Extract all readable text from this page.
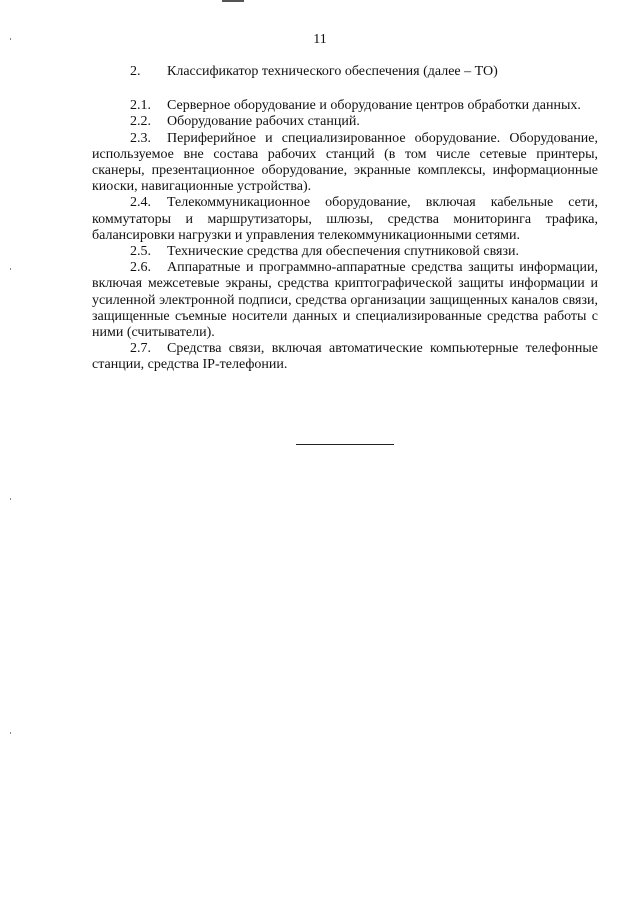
11

2. Классификатор технического обеспечения (далее – ТО)

2.1. Серверное оборудование и оборудование центров обработки данных.

2.2. Оборудование рабочих станций.

2.3. Периферийное и специализированное оборудование. Оборудование, используемое вне состава рабочих станций (в том числе сетевые принтеры, сканеры, презентационное оборудование, экранные комплексы, информационные киоски, навигационные устройства).

2.4. Телекоммуникационное оборудование, включая кабельные сети, коммутаторы и маршрутизаторы, шлюзы, средства мониторинга трафика, балансировки нагрузки и управления телекоммуникационными сетями.

2.5. Технические средства для обеспечения спутниковой связи.

2.6. Аппаратные и программно-аппаратные средства защиты информации, включая межсетевые экраны, средства криптографической защиты информации и усиленной электронной подписи, средства организации защищенных каналов связи, защищенные съемные носители данных и специализированные средства работы с ними (считыватели).

2.7. Средства связи, включая автоматические компьютерные телефонные станции, средства IP-телефонии.
